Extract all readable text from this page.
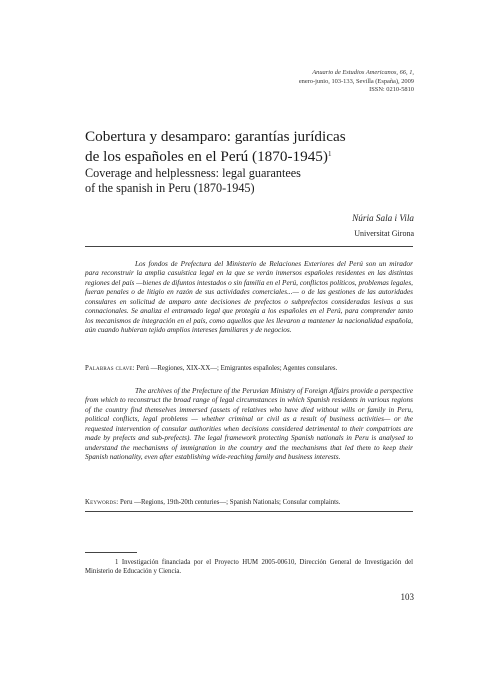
Anuario de Estudios Americanos, 66, 1,
enero-junio, 103-133, Sevilla (España), 2009
ISSN: 0210-5810
Cobertura y desamparo: garantías jurídicas
de los españoles en el Perú (1870-1945)$^1$
Coverage and helplessness: legal guarantees
of the spanish in Peru (1870-1945)
Núria Sala i Vila
Universitat Girona

Los fondos de Prefectura del Ministerio de Relaciones Exteriores del Perú son un mirador para reconstruir la amplia casuística legal en la que se verán inmersos españoles residentes en las distintas regiones del país —bienes de difuntos intestados o sin familia en el Perú, conflictos políticos, problemas legales, fueran penales o de litigio en razón de sus actividades comerciales...— o de las gestiones de las autoridades consulares en solicitud de amparo ante decisiones de prefectos o subprefectos consideradas lesivas a sus connacionales. Se analiza el entramado legal que protegía a los españoles en el Perú, para comprender tanto los mecanismos de integración en el país, como aquellos que les llevaron a mantener la nacionalidad española, aún cuando hubieran tejido amplios intereses familiares y de negocios.

Palabras clave: Perú —Regiones, XIX-XX—; Emigrantes españoles; Agentes consulares.

The archives of the Prefecture of the Peruvian Ministry of Foreign Affairs provide a perspective from which to reconstruct the broad range of legal circumstances in which Spanish residents in various regions of the country find themselves immersed (assets of relatives who have died without wills or family in Peru, political conflicts, legal problems — whether criminal or civil as a result of business activities— or the requested intervention of consular authorities when decisions considered detrimental to their compatriots are made by prefects and sub-prefects). The legal framework protecting Spanish nationals in Peru is analysed to understand the mechanisms of immigration in the country and the mechanisms that led them to keep their Spanish nationality, even after establishing wide-reaching family and business interests.

Keywords: Peru —Regions, 19th-20th centuries—; Spanish Nationals; Consular complaints.

1 Investigación financiada por el Proyecto HUM 2005-00610, Dirección General de Investigación del Ministerio de Educación y Ciencia.

103
